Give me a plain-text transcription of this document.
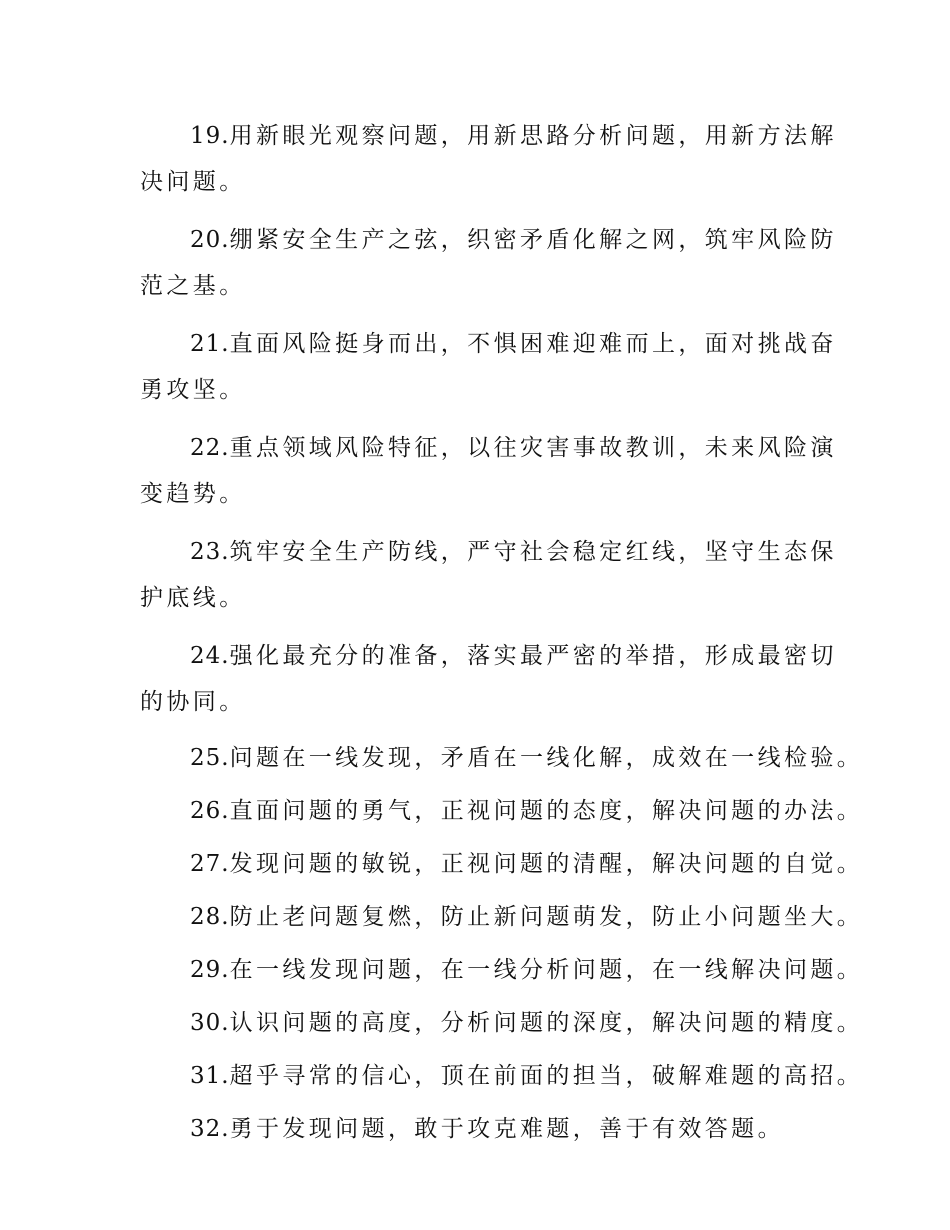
19.用新眼光观察问题，用新思路分析问题，用新方法解
决问题。
20.绷紧安全生产之弦，织密矛盾化解之网，筑牢风险防
范之基。
21.直面风险挺身而出，不惧困难迎难而上，面对挑战奋
勇攻坚。
22.重点领域风险特征，以往灾害事故教训，未来风险演
变趋势。
23.筑牢安全生产防线，严守社会稳定红线，坚守生态保
护底线。
24.强化最充分的准备，落实最严密的举措，形成最密切
的协同。
25.问题在一线发现，矛盾在一线化解，成效在一线检验。
26.直面问题的勇气，正视问题的态度，解决问题的办法。
27.发现问题的敏锐，正视问题的清醒，解决问题的自觉。
28.防止老问题复燃，防止新问题萌发，防止小问题坐大。
29.在一线发现问题，在一线分析问题，在一线解决问题。
30.认识问题的高度，分析问题的深度，解决问题的精度。
31.超乎寻常的信心，顶在前面的担当，破解难题的高招。
32.勇于发现问题，敢于攻克难题，善于有效答题。
